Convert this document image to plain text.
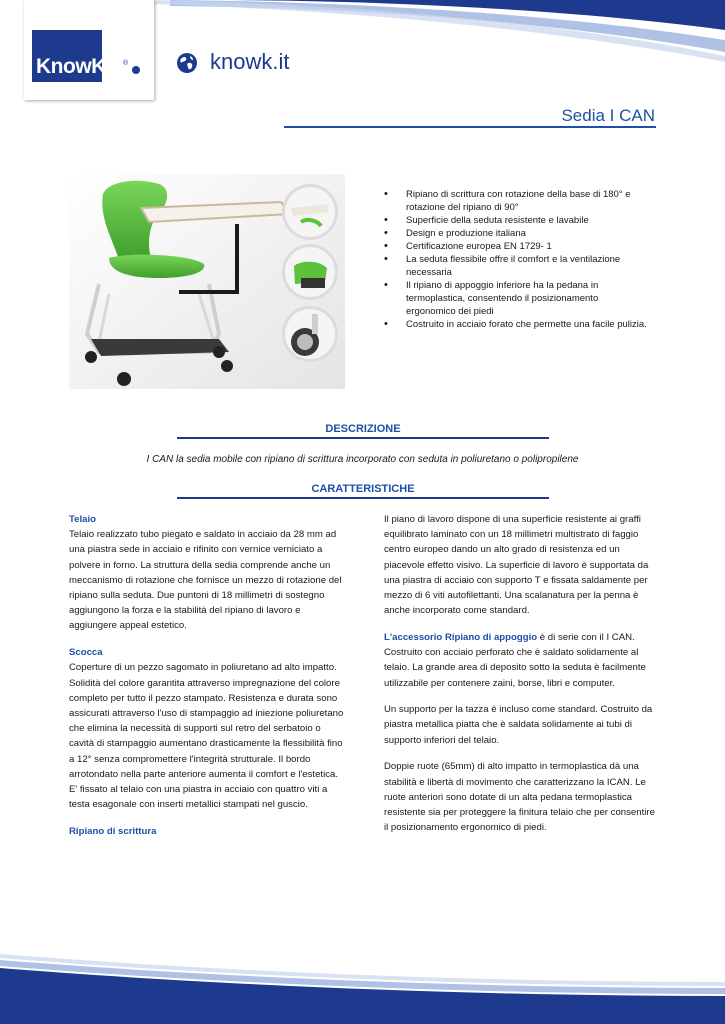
KnowK ®	knowk.it
Sedia I CAN
• Ripiano di scrittura con rotazione della base di 180° e rotazione del ripiano di 90°
• Superficie della seduta resistente e lavabile
• Design e produzione italiana
• Certificazione europea EN 1729- 1
• La seduta flessibile offre il comfort e la ventilazione necessaria
• Il ripiano di appoggio inferiore ha la pedana in termoplastica, consentendo il posizionamento ergonomico dei piedi
• Costruito in acciaio forato che permette una facile pulizia.
DESCRIZIONE
I CAN la sedia mobile con ripiano di scrittura incorporato con seduta in poliuretano o polipropilene
CARATTERISTICHE
Telaio

Telaio realizzato tubo piegato e saldato in acciaio da 28 mm ad una piastra sede in acciaio e rifinito con vernice verniciato a polvere in forno. La struttura della sedia comprende anche un meccanismo di rotazione che fornisce un mezzo di rotazione del ripiano sulla seduta. Due puntoni di 18 millimetri di sostegno aggiungono la forza e la stabilità del ripiano di lavoro e aggiungere appeal estetico.

Scocca

Coperture di un pezzo sagomato in poliuretano ad alto impatto. Solidità del colore garantita attraverso impregnazione del colore completo per tutto il pezzo stampato. Resistenza e durata sono assicurati attraverso l'uso di stampaggio ad iniezione poliuretano che elimina la necessità di supporti sul retro del serbatoio o cavità di stampaggio aumentano drasticamente la flessibilità fino a 12° senza compromettere l'integrità strutturale. Il bordo arrotondato nella parte anteriore aumenta il comfort e l'estetica. E' fissato al telaio con una piastra in acciaio con quattro viti a testa esagonale con inserti metallici stampati nel guscio.

Ripiano di scrittura

Il piano di lavoro dispone di una superficie resistente ai graffi equilibrato laminato con un 18 millimetri multistrato di faggio centro europeo dando un alto grado di resistenza ed un piacevole effetto visivo. La superficie di lavoro è supportata da una piastra di acciaio con supporto T e fissata saldamente per mezzo di 6 viti autofilettanti. Una scalanatura per la penna è anche incorporato come standard.

L'accessorio Ripiano di appoggio è di serie con il I CAN. Costruito con acciaio perforato che è saldato solidamente al telaio. La grande area di deposito sotto la seduta è facilmente utilizzabile per contenere zaini, borse, libri e computer.

Un supporto per la tazza è incluso come standard. Costruito da piastra metallica piatta che è saldata solidamente ai tubi di supporto inferiori del telaio.

Doppie ruote (65mm) di alto impatto in termoplastica dà una stabilità e libertà di movimento che caratterizzano la ICAN. Le ruote anteriori sono dotate di un alta pedana termoplastica resistente sia per proteggere la finitura telaio che per consentire il posizionamento ergonomico di piedi.
